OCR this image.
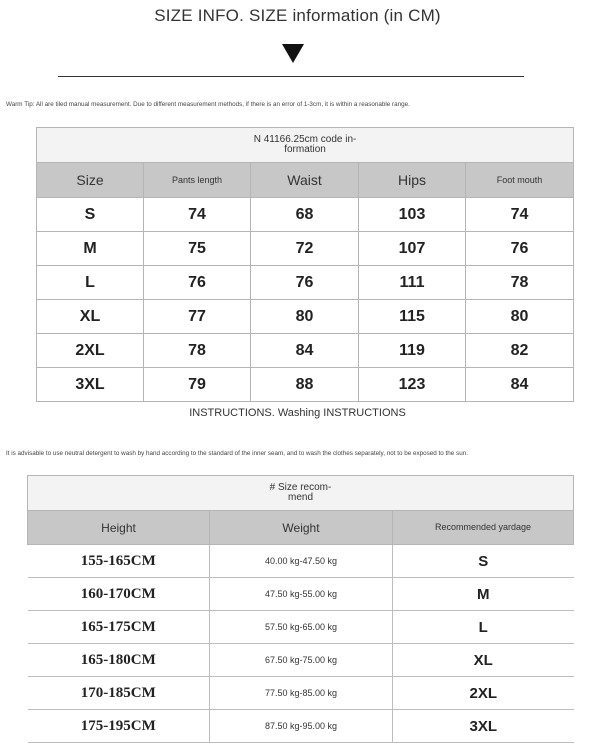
SIZE INFO. SIZE information (in CM)
Warm Tip: All are tiled manual measurement. Due to different measurement methods, if there is an error of 1-3cm, it is within a reasonable range.
N 41166.25cm code in-
formation				
Size	Pants length	Waist	Hips	Foot mouth
S	74	68	103	74
M	75	72	107	76
L	76	76	111	78
XL	77	80	115	80
2XL	78	84	119	82
3XL	79	88	123	84
INSTRUCTIONS. Washing INSTRUCTIONS
It is advisable to use neutral detergent to wash by hand according to the standard of the inner seam, and to wash the clothes separately, not to be exposed to the sun.
# Size recom-
mend		
Height	Weight	Recommended yardage
155-165CM	40.00 kg-47.50 kg	S
160-170CM	47.50 kg-55.00 kg	M
165-175CM	57.50 kg-65.00 kg	L
165-180CM	67.50 kg-75.00 kg	XL
170-185CM	77.50 kg-85.00 kg	2XL
175-195CM	87.50 kg-95.00 kg	3XL
